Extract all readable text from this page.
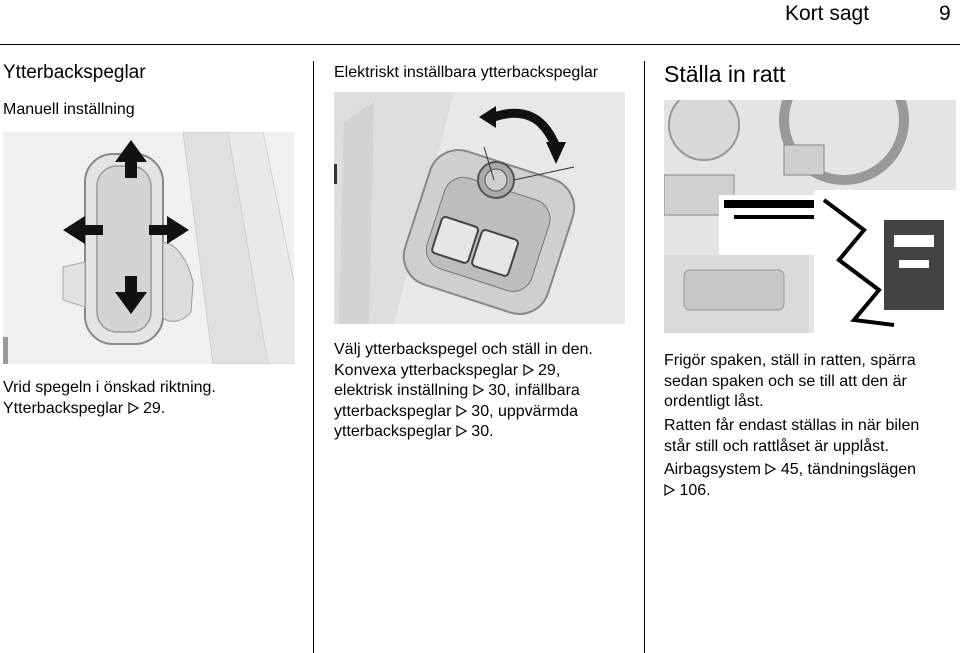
Kort sagt	9
Ytterbackspeglar
Manuell inställning
Vrid spegeln i önskad riktning.
Ytterbackspeglar 29.
Elektriskt inställbara ytterbackspeglar
Välj ytterbackspegel och ställ in den.
Konvexa ytterbackspeglar 29,
elektrisk inställning 30, infällbara
ytterbackspeglar 30, uppvärmda
ytterbackspeglar 30.
Ställa in ratt
Frigör spaken, ställ in ratten, spärra
sedan spaken och se till att den är
ordentligt låst.
Ratten får endast ställas in när bilen
står still och rattlåset är upplåst.
Airbagsystem 45, tändningslägen
106.
